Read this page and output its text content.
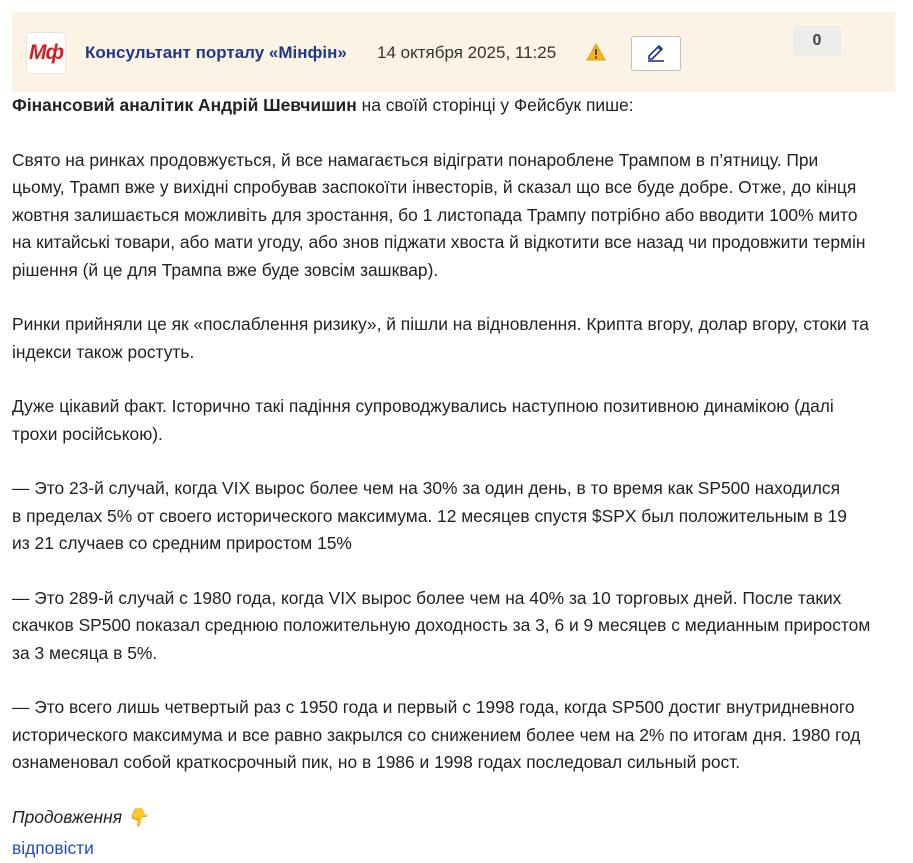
Мф Консультант порталу «Мінфін» 14 октября 2025, 11:25
0

Фінансовий аналітик Андрій Шевчишин на своїй сторінці у Фейсбук пише:

Свято на ринках продовжується, й все намагається відіграти понароблене Трампом в п’ятницу. При
цьому, Трамп вже у вихідні спробував заспокоїти інвесторів, й сказал що все буде добре. Отже, до кінця
жовтня залишається можливіть для зростання, бо 1 листопада Трампу потрібно або вводити 100% мито
на китайські товари, або мати угоду, або знов піджати хвоста й відкотити все назад чи продовжити термін
рішення (й це для Трампа вже буде зовсім зашквар).

Ринки прийняли це як «послаблення ризику», й пішли на відновлення. Крипта вгору, долар вгору, стоки та
індекси також ростуть.

Дуже цікавий факт. Історично такі падіння супроводжувались наступною позитивною динамікою (далі
трохи російською).

— Это 23-й случай, когда VIX вырос более чем на 30% за один день, в то время как SP500 находился
в пределах 5% от своего исторического максимума. 12 месяцев спустя $SPX был положительным в 19
из 21 случаев со средним приростом 15%

— Это 289-й случай с 1980 года, когда VIX вырос более чем на 40% за 10 торговых дней. После таких
скачков SP500 показал среднюю положительную доходность за 3, 6 и 9 месяцев с медианным приростом
за 3 месяца в 5%.

— Это всего лишь четвертый раз с 1950 года и первый с 1998 года, когда SP500 достиг внутридневного
исторического максимума и все равно закрылся со снижением более чем на 2% по итогам дня. 1980 год
ознаменовал собой краткосрочный пик, но в 1986 и 1998 годах последовал сильный рост.

Продовження 👇
відповісти
